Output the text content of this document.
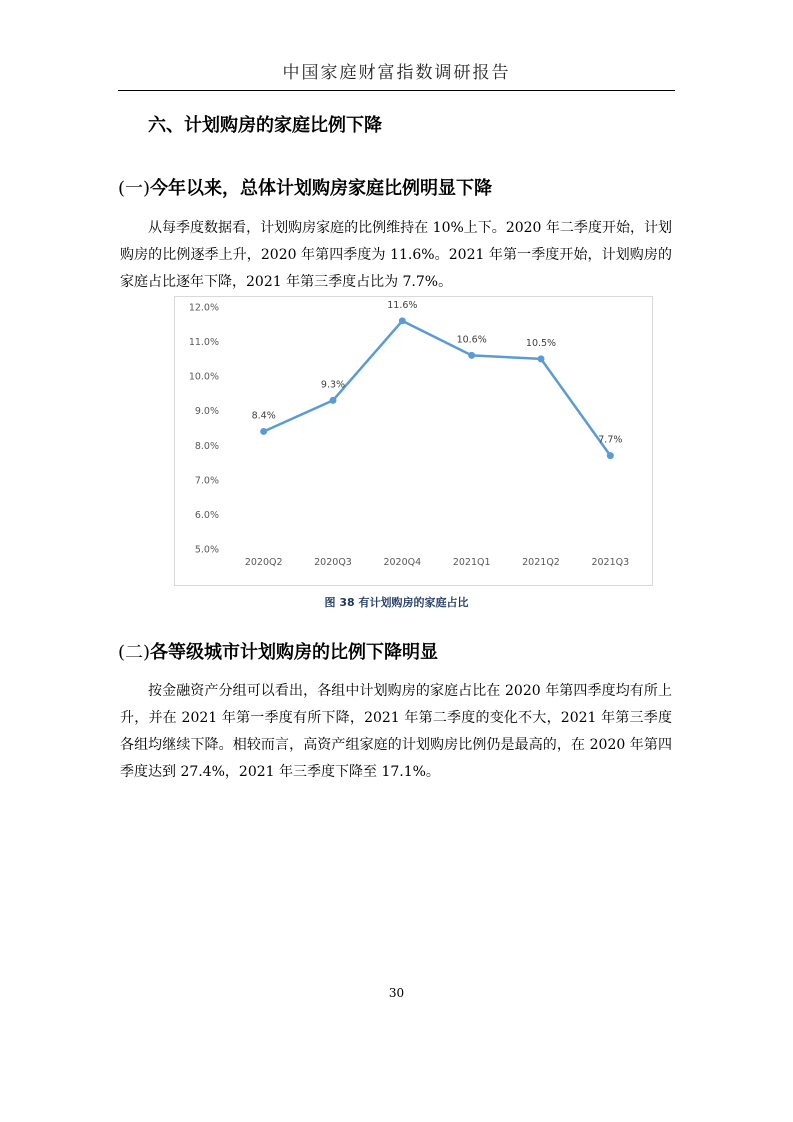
中国家庭财富指数调研报告
六、计划购房的家庭比例下降
(一)今年以来，总体计划购房家庭比例明显下降

从每季度数据看，计划购房家庭的比例维持在 10%上下。2020 年二季度开始，计划购房的比例逐季上升，2020 年第四季度为 11.6%。2021 年第一季度开始，计划购房的家庭占比逐年下降，2021 年第三季度占比为 7.7%。

5.0%
6.0%
7.0%
8.0%
9.0%
10.0%
11.0%
12.0%
2020Q2	2020Q3	2020Q4	2021Q1	2021Q2	2021Q3
8.4%
9.3%
11.6%
10.6%	10.5%
7.7%
图 38 有计划购房的家庭占比
(二)各等级城市计划购房的比例下降明显

按金融资产分组可以看出，各组中计划购房的家庭占比在 2020 年第四季度均有所上升，并在 2021 年第一季度有所下降，2021 年第二季度的变化不大，2021 年第三季度各组均继续下降。相较而言，高资产组家庭的计划购房比例仍是最高的，在 2020 年第四季度达到 27.4%，2021 年三季度下降至 17.1%。

30
